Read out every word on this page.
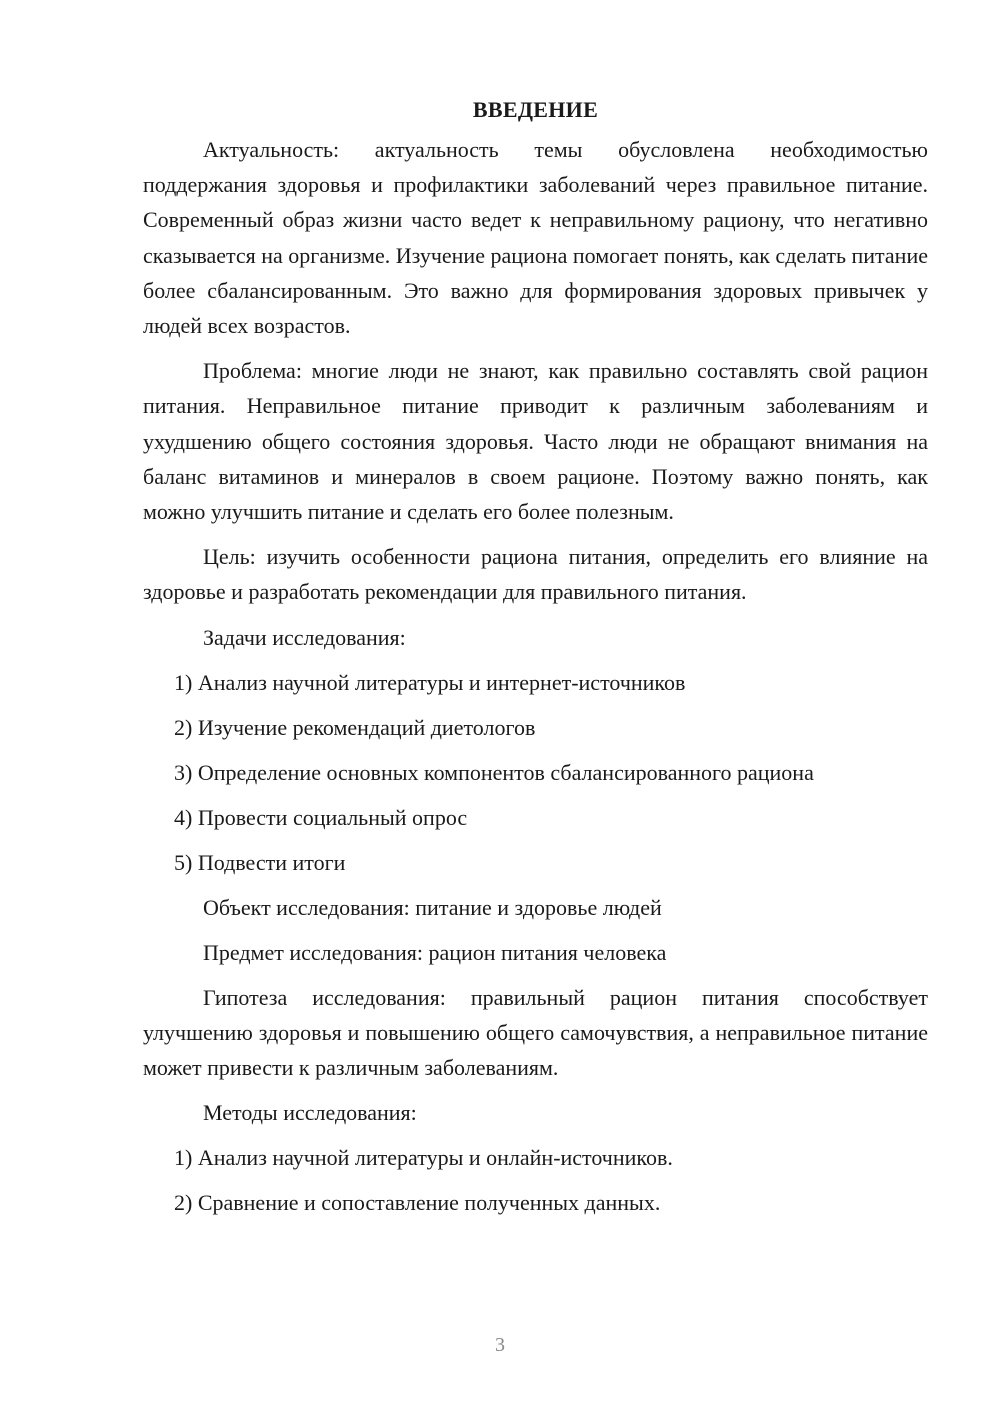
ВВЕДЕНИЕ

Актуальность: актуальность темы обусловлена необходимостью поддержания здоровья и профилактики заболеваний через правильное питание. Современный образ жизни часто ведет к неправильному рациону, что негативно сказывается на организме. Изучение рациона помогает понять, как сделать питание более сбалансированным. Это важно для формирования здоровых привычек у людей всех возрастов.

Проблема: многие люди не знают, как правильно составлять свой рацион питания. Неправильное питание приводит к различным заболеваниям и ухудшению общего состояния здоровья. Часто люди не обращают внимания на баланс витаминов и минералов в своем рационе. Поэтому важно понять, как можно улучшить питание и сделать его более полезным.

Цель: изучить особенности рациона питания, определить его влияние на здоровье и разработать рекомендации для правильного питания.

Задачи исследования:
1) Анализ научной литературы и интернет-источников
2) Изучение рекомендаций диетологов
3) Определение основных компонентов сбалансированного рациона
4) Провести социальный опрос
5) Подвести итоги
Объект исследования: питание и здоровье людей
Предмет исследования: рацион питания человека

Гипотеза исследования: правильный рацион питания способствует улучшению здоровья и повышению общего самочувствия, а неправильное питание может привести к различным заболеваниям.

Методы исследования:
1) Анализ научной литературы и онлайн-источников.
2) Сравнение и сопоставление полученных данных.
3
